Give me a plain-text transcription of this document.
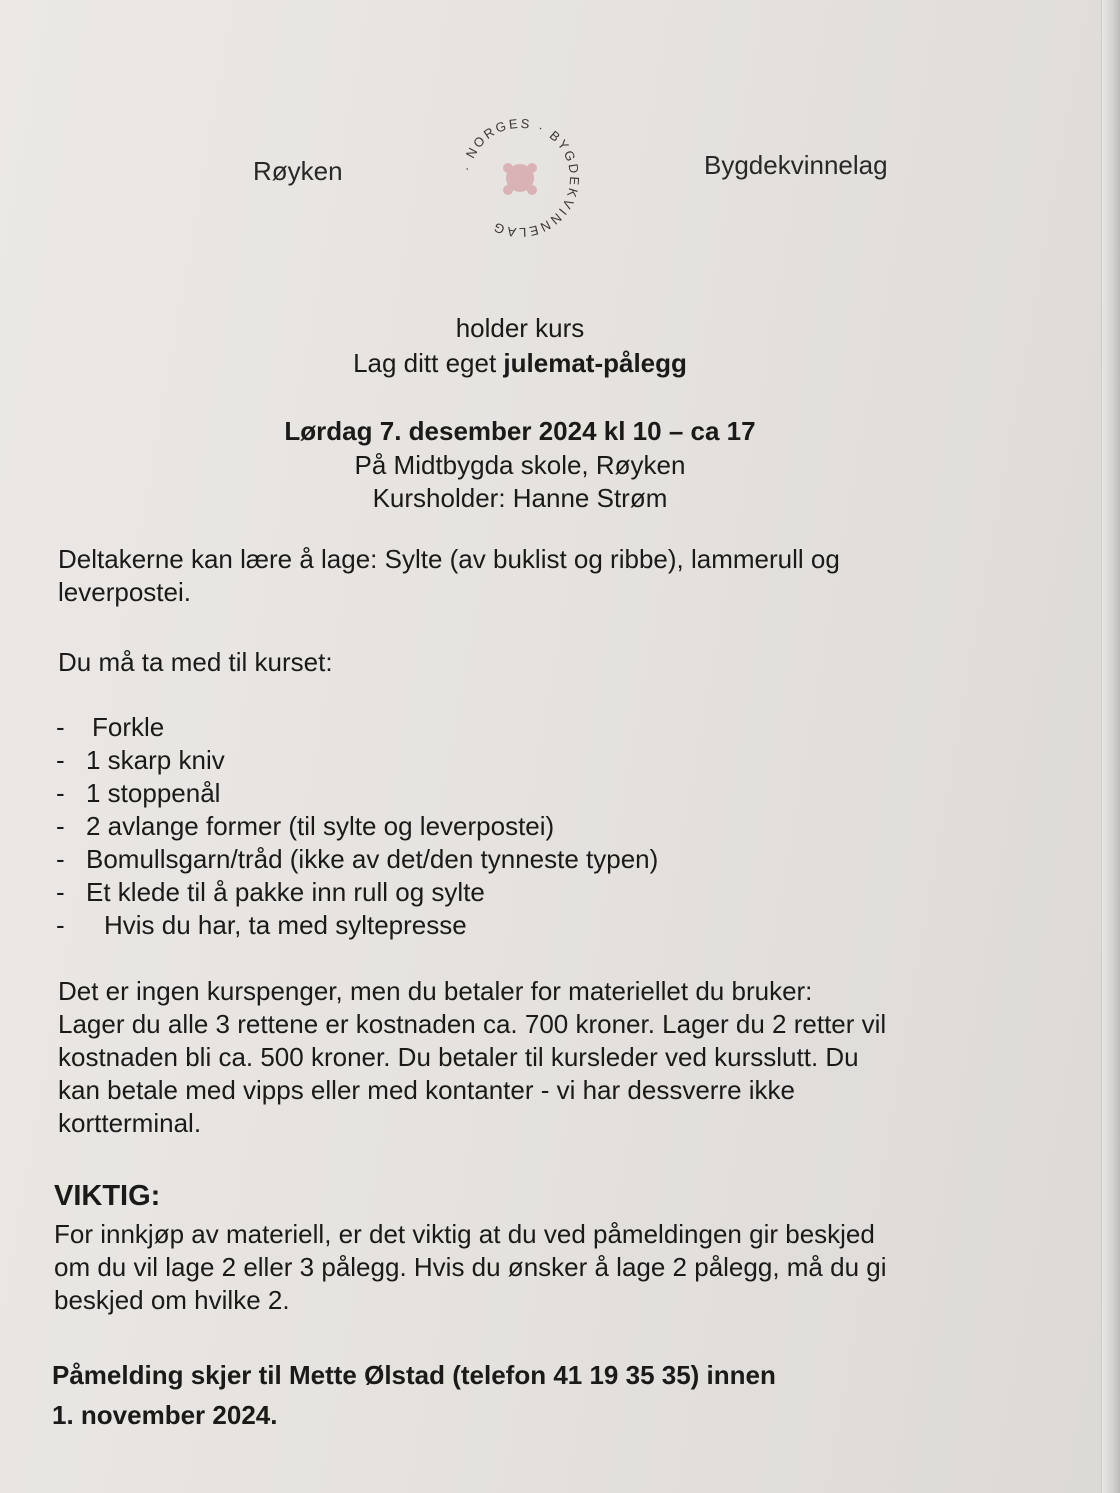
Røyken	· NORGES · BYGDEKVINNELAG
Bygdekvinnelag
holder kurs
Lag ditt eget julemat-pålegg
Lørdag 7. desember 2024 kl 10 – ca 17
På Midtbygda skole, Røyken
Kursholder: Hanne Strøm
Deltakerne kan lære å lage: Sylte (av buklist og ribbe), lammerull og
leverpostei.
Du må ta med til kurset:
- Forkle
- 1 skarp kniv
- 1 stoppenål
- 2 avlange former (til sylte og leverpostei)
- Bomullsgarn/tråd (ikke av det/den tynneste typen)
- Et klede til å pakke inn rull og sylte
- Hvis du har, ta med syltepresse
Det er ingen kurspenger, men du betaler for materiellet du bruker:
Lager du alle 3 rettene er kostnaden ca. 700 kroner. Lager du 2 retter vil
kostnaden bli ca. 500 kroner. Du betaler til kursleder ved kursslutt. Du
kan betale med vipps eller med kontanter - vi har dessverre ikke
kortterminal.
VIKTIG:
For innkjøp av materiell, er det viktig at du ved påmeldingen gir beskjed
om du vil lage 2 eller 3 pålegg. Hvis du ønsker å lage 2 pålegg, må du gi
beskjed om hvilke 2.
Påmelding skjer til Mette Ølstad (telefon 41 19 35 35) innen
1. november 2024.
